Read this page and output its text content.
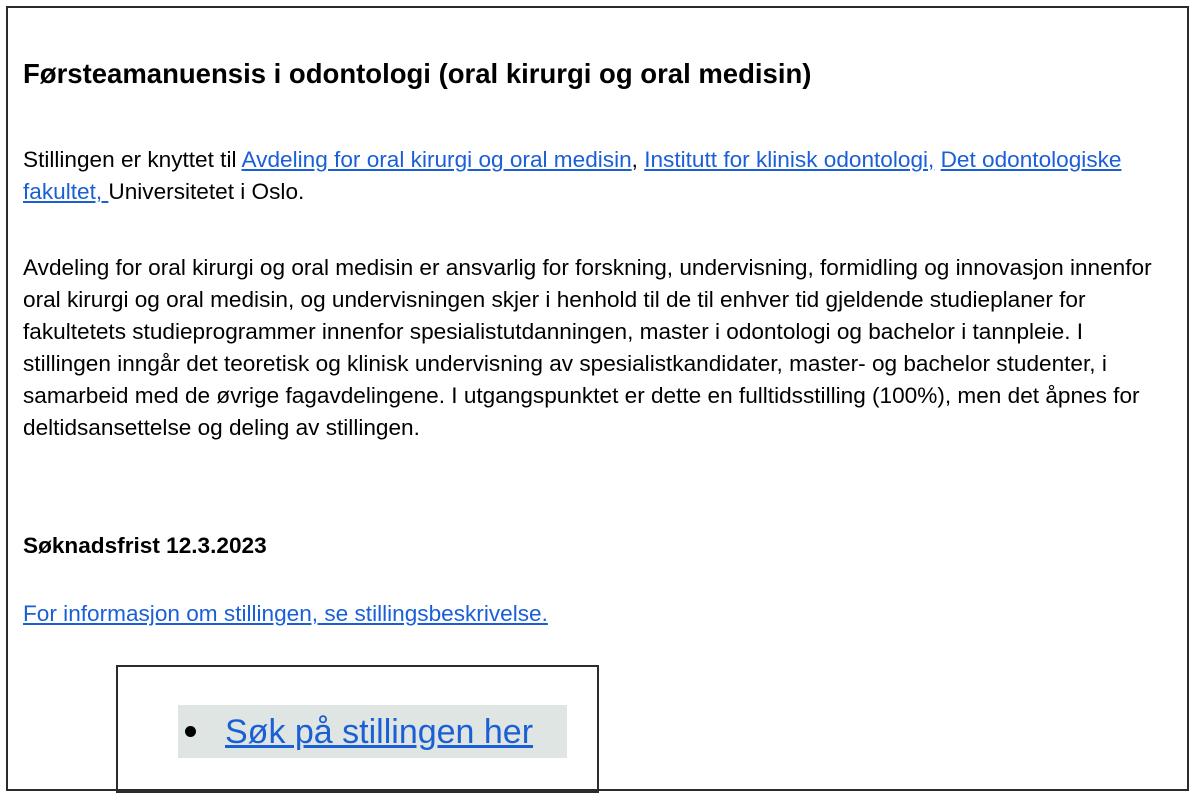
Førsteamanuensis i odontologi (oral kirurgi og oral medisin)

Stillingen er knyttet til Avdeling for oral kirurgi og oral medisin, Institutt for klinisk odontologi, Det odontologiske fakultet, Universitetet i Oslo.

Avdeling for oral kirurgi og oral medisin er ansvarlig for forskning, undervisning, formidling og innovasjon innenfor oral kirurgi og oral medisin, og undervisningen skjer i henhold til de til enhver tid gjeldende studieplaner for fakultetets studieprogrammer innenfor spesialistutdanningen, master i odontologi og bachelor i tannpleie. I stillingen inngår det teoretisk og klinisk undervisning av spesialistkandidater, master- og bachelor studenter, i samarbeid med de øvrige fagavdelingene. I utgangspunktet er dette en fulltidsstilling (100%), men det åpnes for deltidsansettelse og deling av stillingen.

Søknadsfrist 12.3.2023

For informasjon om stillingen, se stillingsbeskrivelse.

Søk på stillingen her
